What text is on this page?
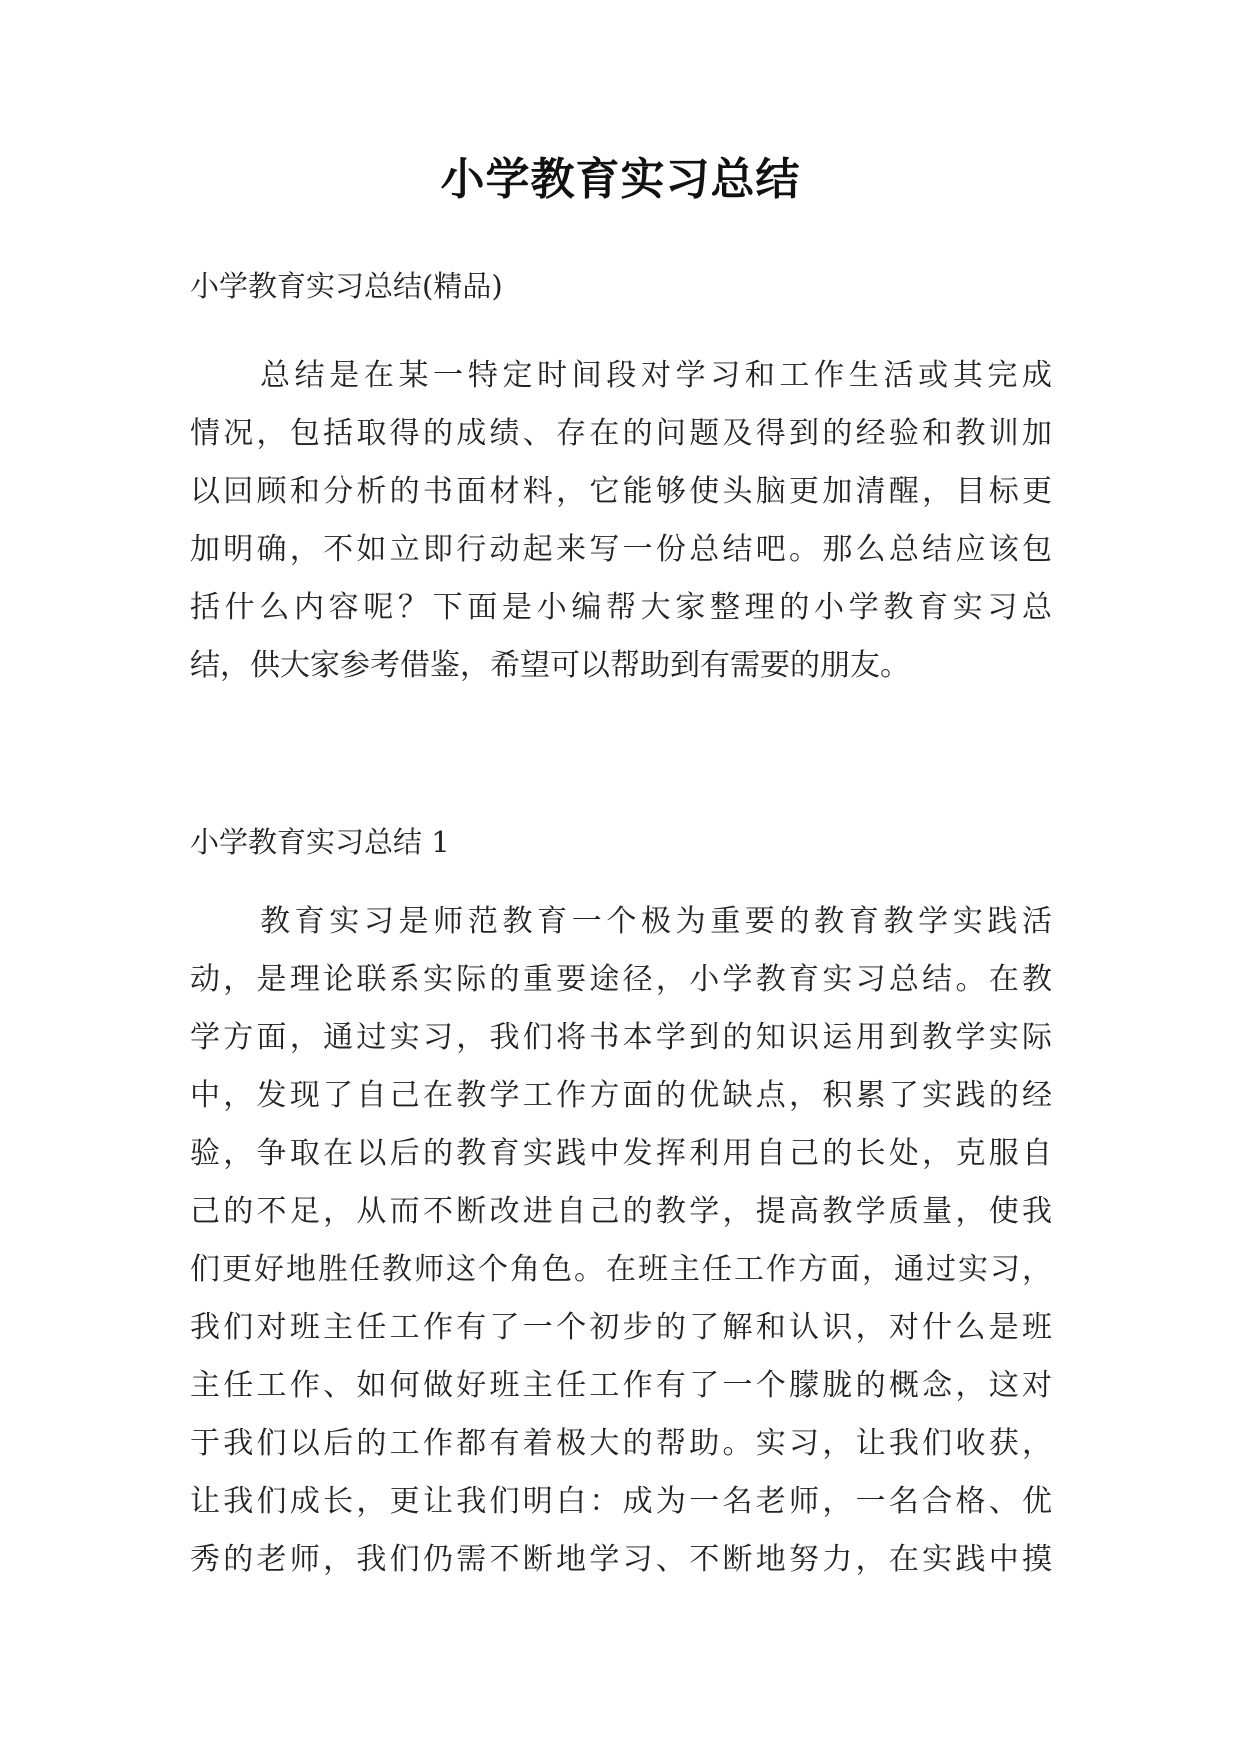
小学教育实习总结
小学教育实习总结(精品)
总结是在某一特定时间段对学习和工作生活或其完成
情况，包括取得的成绩、存在的问题及得到的经验和教训加
以回顾和分析的书面材料，它能够使头脑更加清醒，目标更
加明确，不如立即行动起来写一份总结吧。那么总结应该包
括什么内容呢？下面是小编帮大家整理的小学教育实习总
结，供大家参考借鉴，希望可以帮助到有需要的朋友。
小学教育实习总结 1
教育实习是师范教育一个极为重要的教育教学实践活
动，是理论联系实际的重要途径，小学教育实习总结。在教
学方面，通过实习，我们将书本学到的知识运用到教学实际
中，发现了自己在教学工作方面的优缺点，积累了实践的经
验，争取在以后的教育实践中发挥利用自己的长处，克服自
己的不足，从而不断改进自己的教学，提高教学质量，使我
们更好地胜任教师这个角色。在班主任工作方面，通过实习，
我们对班主任工作有了一个初步的了解和认识，对什么是班
主任工作、如何做好班主任工作有了一个朦胧的概念，这对
于我们以后的工作都有着极大的帮助。实习，让我们收获，
让我们成长，更让我们明白：成为一名老师，一名合格、优
秀的老师，我们仍需不断地学习、不断地努力，在实践中摸
